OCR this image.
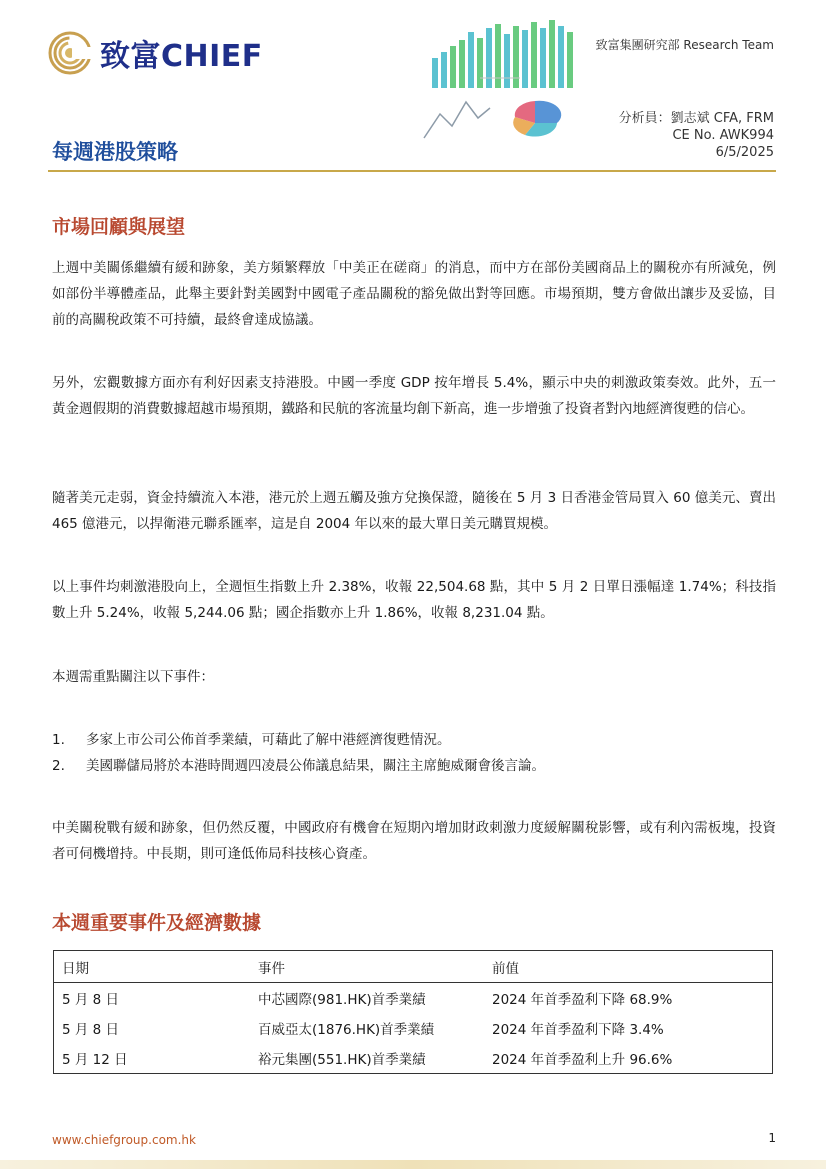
致富CHIEF	致富集團研究部 Research Team
分析員：劉志斌 CFA, FRM
CE No. AWK994
6/5/2025
每週港股策略
市場回顧與展望
上週中美關係繼續有緩和跡象，美方頻繁釋放「中美正在磋商」的消息，而中方在部份美國商品上的關稅亦有所減免，例如部份半導體產品，此舉主要針對美國對中國電子產品關稅的豁免做出對等回應。市場預期，雙方會做出讓步及妥協，目前的高關稅政策不可持續，最終會達成協議。
另外，宏觀數據方面亦有利好因素支持港股。中國一季度 GDP 按年增長 5.4%，顯示中央的刺激政策奏效。此外，五一黃金週假期的消費數據超越市場預期，鐵路和民航的客流量均創下新高，進一步增強了投資者對內地經濟復甦的信心。
隨著美元走弱，資金持續流入本港，港元於上週五觸及強方兌換保證，隨後在 5 月 3 日香港金管局買入 60 億美元、賣出 465 億港元，以捍衛港元聯系匯率，這是自 2004 年以來的最大單日美元購買規模。
以上事件均刺激港股向上，全週恒生指數上升 2.38%，收報 22,504.68 點，其中 5 月 2 日單日漲幅達 1.74%；科技指數上升 5.24%，收報 5,244.06 點；國企指數亦上升 1.86%，收報 8,231.04 點。
本週需重點關注以下事件：
1.	多家上市公司公佈首季業績，可藉此了解中港經濟復甦情況。
2.	美國聯儲局將於本港時間週四凌晨公佈議息結果，關注主席鮑威爾會後言論。
中美關稅戰有緩和跡象，但仍然反覆，中國政府有機會在短期內增加財政刺激力度緩解關稅影響，或有利內需板塊，投資者可伺機增持。中長期，則可逢低佈局科技核心資產。
本週重要事件及經濟數據
日期	事件	前值
5 月 8 日	中芯國際(981.HK)首季業績	2024 年首季盈利下降 68.9%
5 月 8 日	百威亞太(1876.HK)首季業績	2024 年首季盈利下降 3.4%
5 月 12 日	裕元集團(551.HK)首季業績	2024 年首季盈利上升 96.6%
www.chiefgroup.com.hk	1
